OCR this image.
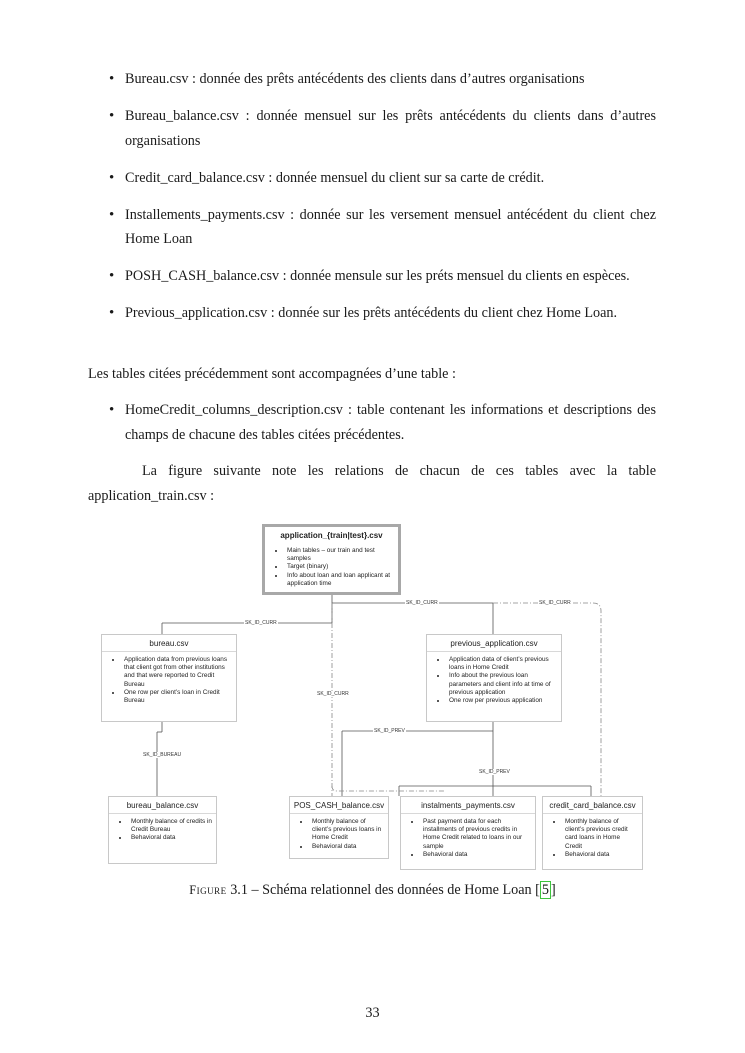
• Bureau.csv : donnée des prêts antécédents des clients dans d’autres organisations
• Bureau_balance.csv : donnée mensuel sur les prêts antécédents du clients dans d’autres organisations
• Credit_card_balance.csv : donnée mensuel du client sur sa carte de crédit.
• Installements_payments.csv : donnée sur les versement mensuel antécédent du client chez Home Loan
• POSH_CASH_balance.csv : donnée mensule sur les préts mensuel du clients en espèces.
• Previous_application.csv : donnée sur les prêts antécédents du client chez Home Loan.

Les tables citées précédemment sont accompagnées d’une table :

• HomeCredit_columns_description.csv : table contenant les informations et descriptions des champs de chacune des tables citées précédentes.

La figure suivante note les relations de chacun de ces tables avec la table application_train.csv :

SK_ID_CURR	SK_ID_CURR
SK_ID_CURR
SK_ID_CURR
SK_ID_BUREAU
SK_ID_PREV
SK_ID_PREV
application_{train|test}.csv
• Main tables – our train and test samples
• Target (binary)
• Info about loan and loan applicant at application time
bureau.csv
• Application data from previous loans that client got from other institutions and that were reported to Credit Bureau
• One row per client’s loan in Credit Bureau
previous_application.csv
• Application data of client’s previous loans in Home Credit
• Info about the previous loan parameters and client info at time of previous application
• One row per previous application
bureau_balance.csv
• Monthly balance of credits in Credit Bureau
• Behavioral data
POS_CASH_balance.csv
• Monthly balance of client’s previous loans in Home Credit
• Behavioral data
instalments_payments.csv
• Past payment data for each installments of previous credits in Home Credit related to loans in our sample
• Behavioral data
credit_card_balance.csv
• Monthly balance of client’s previous credit card loans in Home Credit
• Behavioral data
Figure 3.1 – Schéma relationnel des données de Home Loan [ 5 ]
33
